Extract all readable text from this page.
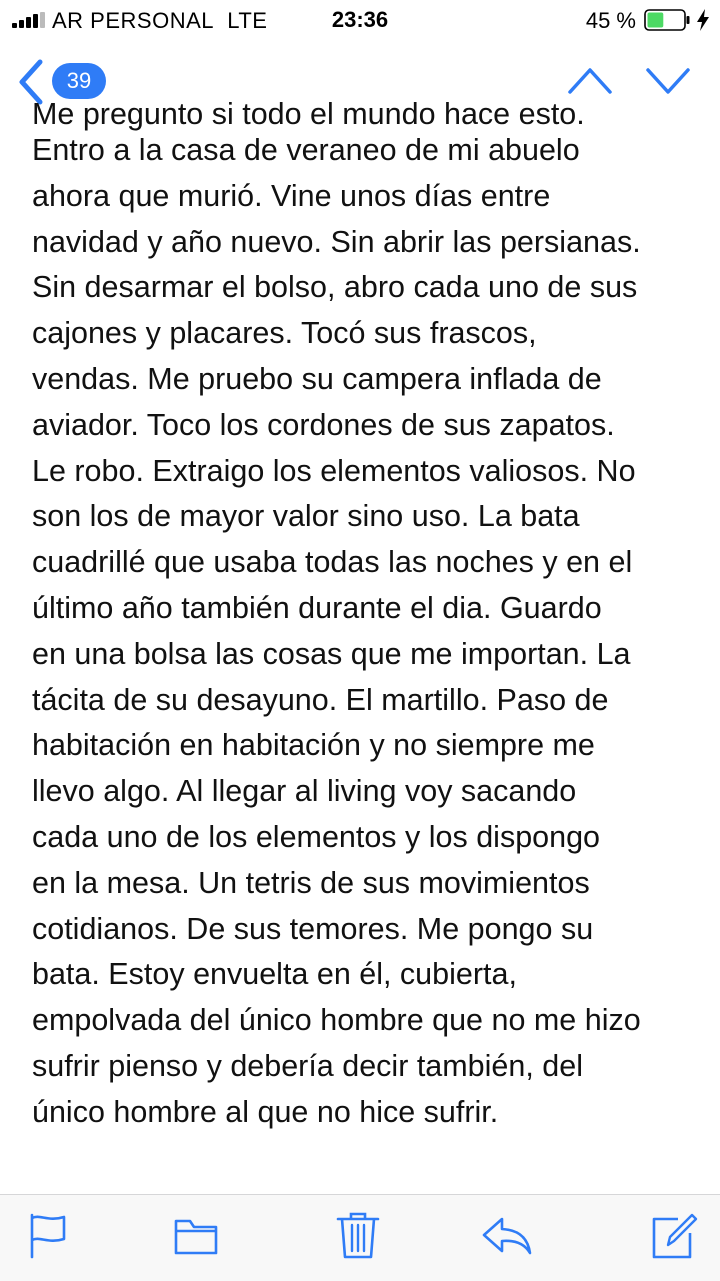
AR PERSONAL LTE	23:36	45 %
39
Me pregunto si todo el mundo hace esto.
Entro a la casa de veraneo de mi abuelo
ahora que murió. Vine unos días entre
navidad y año nuevo. Sin abrir las persianas.
Sin desarmar el bolso, abro cada uno de sus
cajones y placares. Tocó sus frascos,
vendas. Me pruebo su campera inflada de
aviador. Toco los cordones de sus zapatos.
Le robo. Extraigo los elementos valiosos. No
son los de mayor valor sino uso. La bata
cuadrillé que usaba todas las noches y en el
último año también durante el dia. Guardo
en una bolsa las cosas que me importan. La
tácita de su desayuno. El martillo. Paso de
habitación en habitación y no siempre me
llevo algo. Al llegar al living voy sacando
cada uno de los elementos y los dispongo
en la mesa. Un tetris de sus movimientos
cotidianos. De sus temores. Me pongo su
bata. Estoy envuelta en él, cubierta,
empolvada del único hombre que no me hizo
sufrir pienso y debería decir también, del
único hombre al que no hice sufrir.
